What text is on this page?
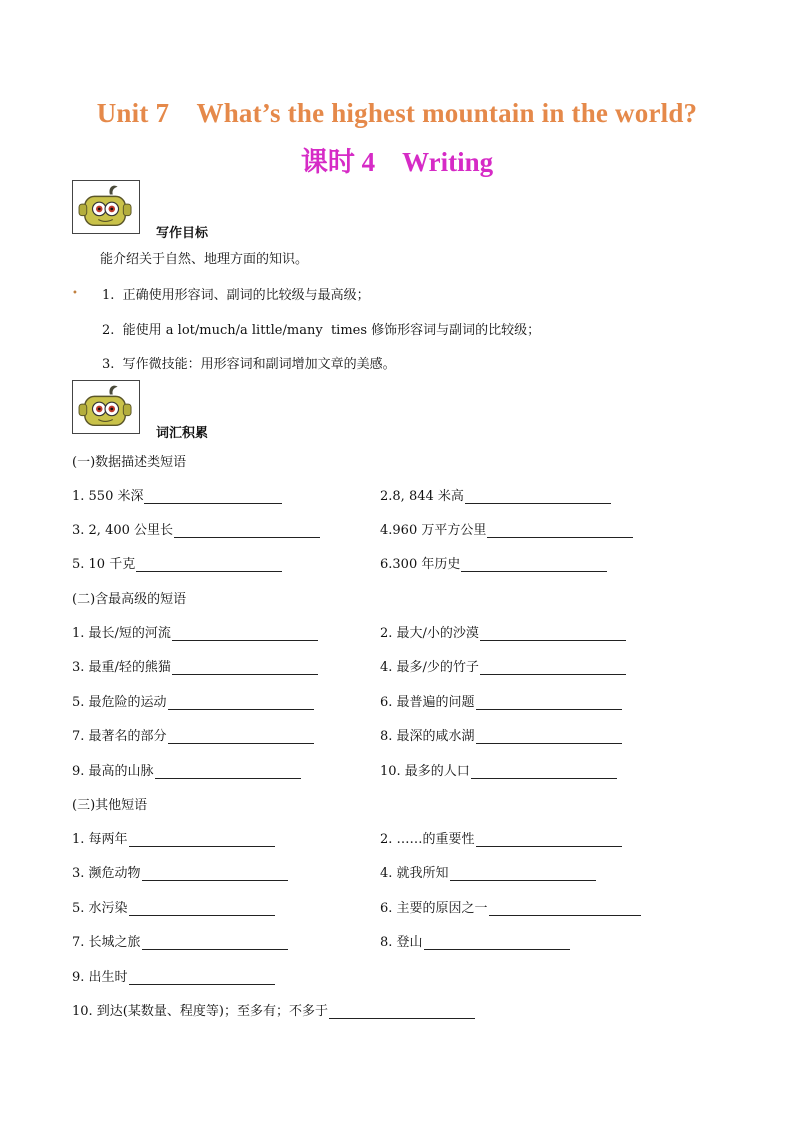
Unit 7    What’s the highest mountain in the world?
课时 4    Writing
写作目标
能介绍关于自然、地理方面的知识。
• 1.  正确使用形容词、副词的比较级与最高级；
2.  能使用 a lot/much/a little/many  times 修饰形容词与副词的比较级；
3.  写作微技能：用形容词和副词增加文章的美感。
词汇积累
(一)数据描述类短语
1. 550 米深	2.8, 844 米高
3. 2, 400 公里长	4.960 万平方公里
5. 10 千克	6.300 年历史
(二)含最高级的短语
1. 最长/短的河流	2. 最大/小的沙漠
3. 最重/轻的熊猫	4. 最多/少的竹子
5. 最危险的运动	6. 最普遍的问题
7. 最著名的部分	8. 最深的咸水湖
9. 最高的山脉	10. 最多的人口
(三)其他短语
1. 每两年	2. ……的重要性
3. 濒危动物	4. 就我所知
5. 水污染	6. 主要的原因之一
7. 长城之旅	8. 登山
9. 出生时
10. 到达(某数量、程度等)；至多有；不多于
